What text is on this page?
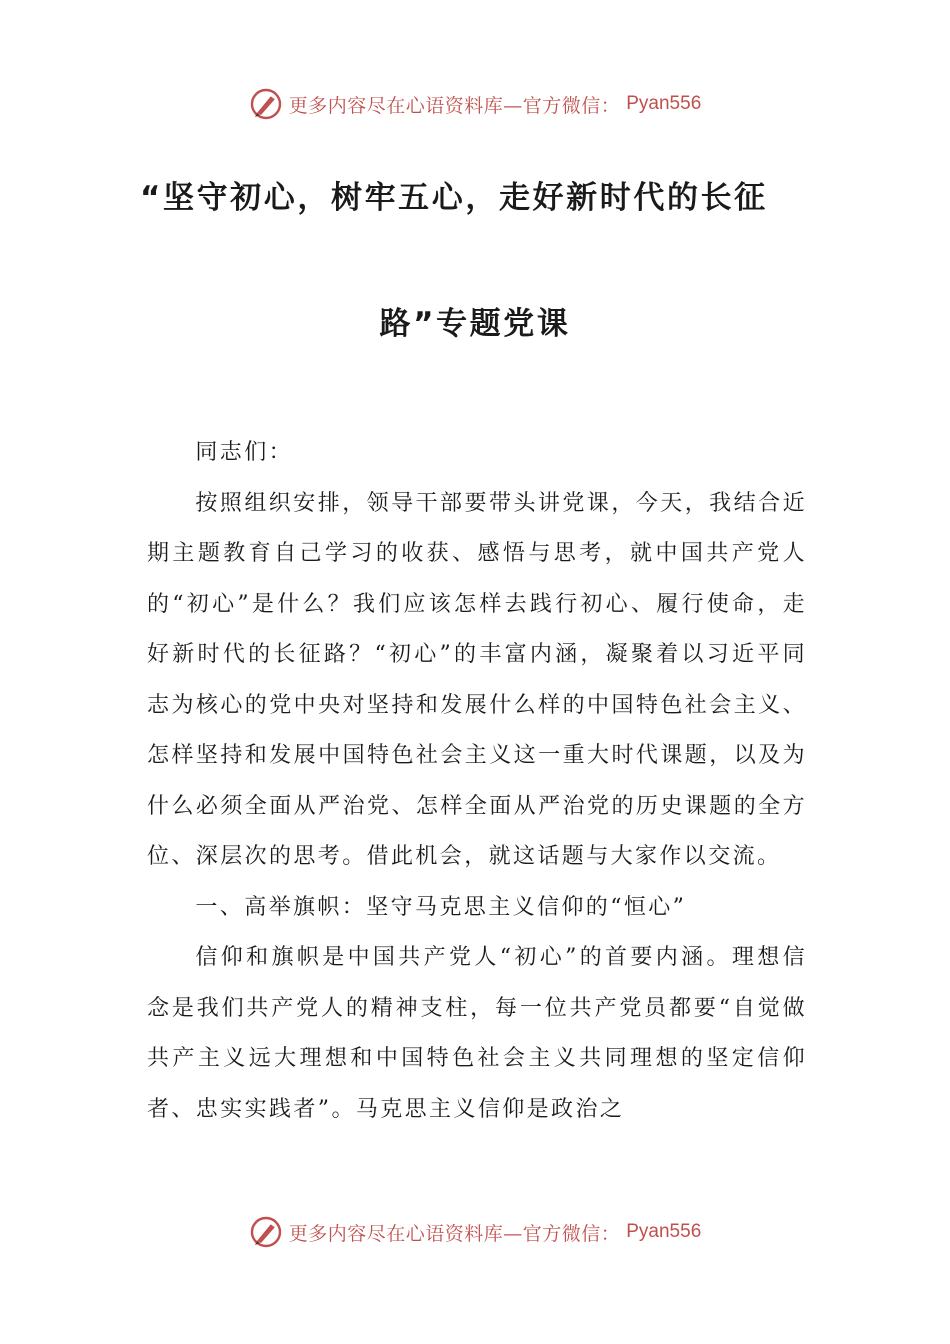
更多内容尽在心语资料库—官方微信： Pyan556
“坚守初心，树牢五心，走好新时代的长征
路”专题党课

同志们：

按照组织安排，领导干部要带头讲党课，今天，我结合近期主题教育自己学习的收获、感悟与思考，就中国共产党人的“初心”是什么？我们应该怎样去践行初心、履行使命，走好新时代的长征路？“初心”的丰富内涵，凝聚着以习近平同志为核心的党中央对坚持和发展什么样的中国特色社会主义、怎样坚持和发展中国特色社会主义这一重大时代课题，以及为什么必须全面从严治党、怎样全面从严治党的历史课题的全方位、深层次的思考。借此机会，就这话题与大家作以交流。

一、高举旗帜：坚守马克思主义信仰的“恒心”

信仰和旗帜是中国共产党人“初心”的首要内涵。理想信念是我们共产党人的精神支柱，每一位共产党员都要“自觉做共产主义远大理想和中国特色社会主义共同理想的坚定信仰者、忠实实践者”。马克思主义信仰是政治之

更多内容尽在心语资料库—官方微信： Pyan556
